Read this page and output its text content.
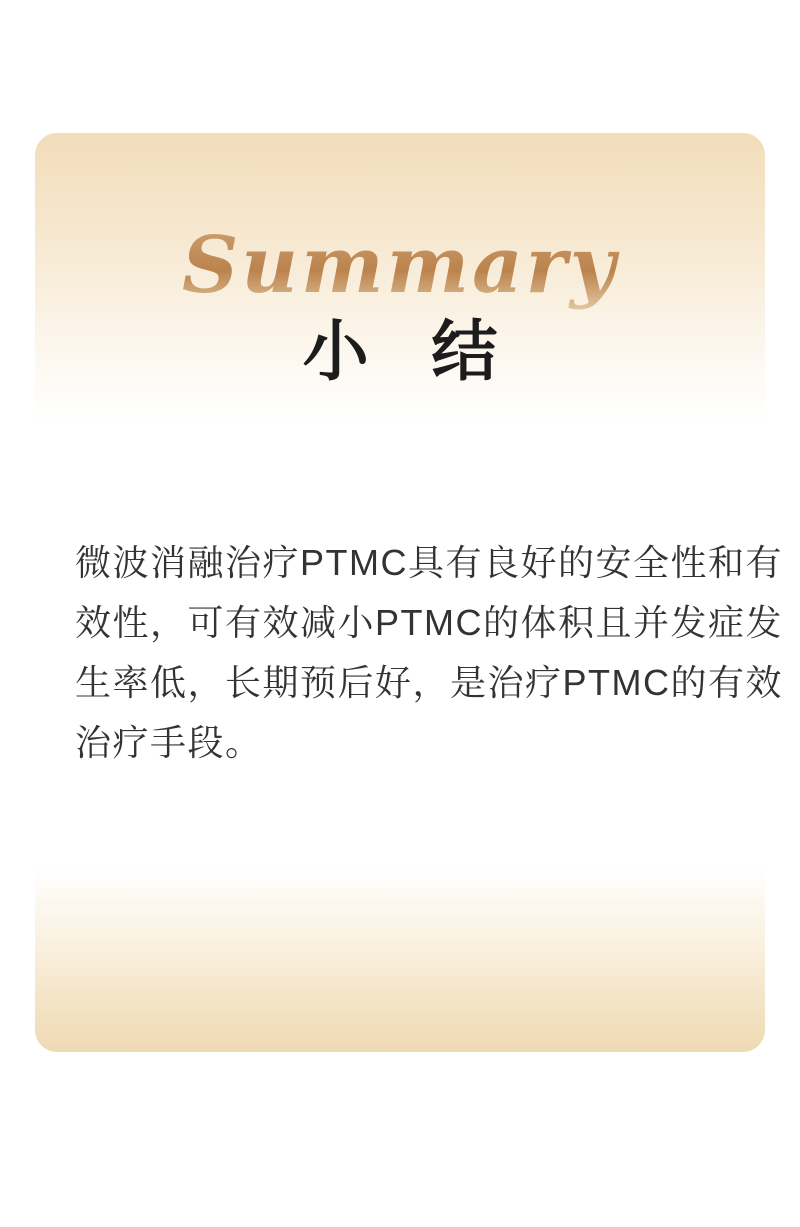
Summary
小结

微波消融治疗PTMC具有良好的安全性和有
效性，可有效减小PTMC的体积且并发症发
生率低，长期预后好，是治疗PTMC的有效
治疗手段。
